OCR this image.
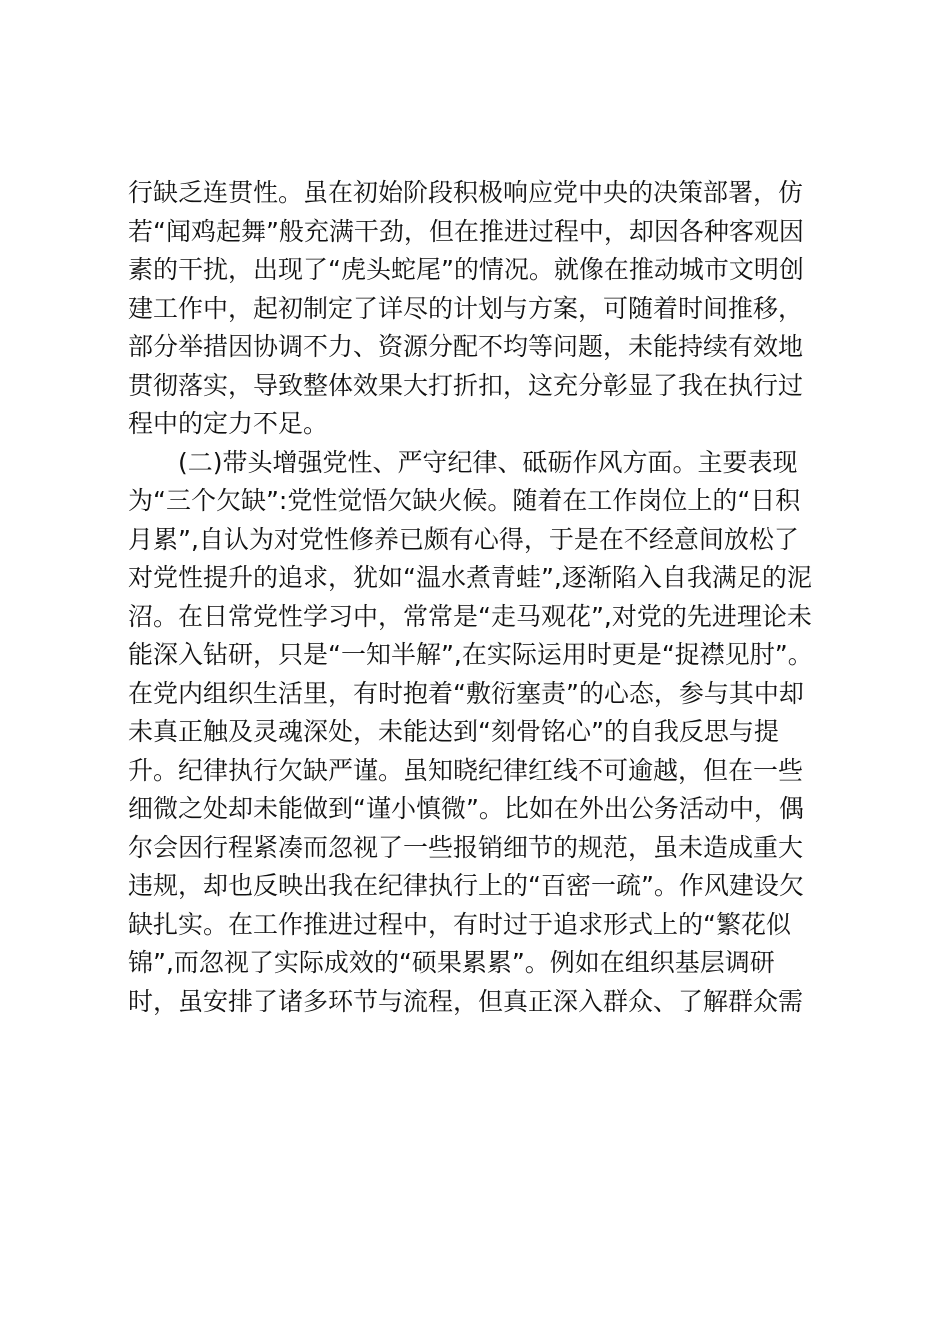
行缺乏连贯性。虽在初始阶段积极响应党中央的决策部署，仿

若“闻鸡起舞”般充满干劲，但在推进过程中，却因各种客观因

素的干扰，出现了“虎头蛇尾”的情况。就像在推动城市文明创

建工作中，起初制定了详尽的计划与方案，可随着时间推移，

部分举措因协调不力、资源分配不均等问题，未能持续有效地

贯彻落实，导致整体效果大打折扣，这充分彰显了我在执行过

程中的定力不足。

(二)带头增强党性、严守纪律、砥砺作风方面。主要表现

为“三个欠缺”:党性觉悟欠缺火候。随着在工作岗位上的“日积

月累”,自认为对党性修养已颇有心得，于是在不经意间放松了

对党性提升的追求，犹如“温水煮青蛙”,逐渐陷入自我满足的泥

沼。在日常党性学习中，常常是“走马观花”,对党的先进理论未

能深入钻研，只是“一知半解”,在实际运用时更是“捉襟见肘”。

在党内组织生活里，有时抱着“敷衍塞责”的心态，参与其中却

未真正触及灵魂深处，未能达到“刻骨铭心”的自我反思与提

升。纪律执行欠缺严谨。虽知晓纪律红线不可逾越，但在一些

细微之处却未能做到“谨小慎微”。比如在外出公务活动中，偶

尔会因行程紧凑而忽视了一些报销细节的规范，虽未造成重大

违规，却也反映出我在纪律执行上的“百密一疏”。作风建设欠

缺扎实。在工作推进过程中，有时过于追求形式上的“繁花似

锦”,而忽视了实际成效的“硕果累累”。例如在组织基层调研

时，虽安排了诸多环节与流程，但真正深入群众、了解群众需
